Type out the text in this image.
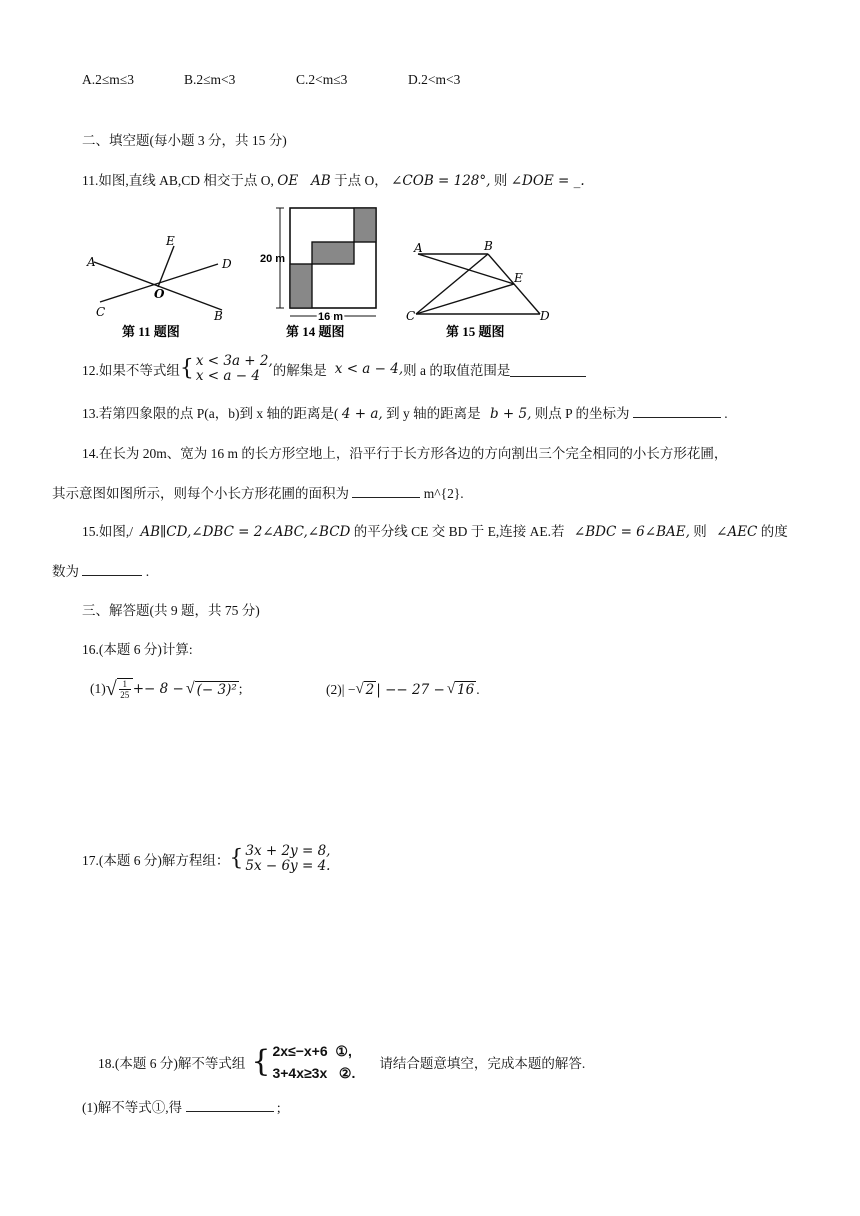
A.2≤m≤3	B.2≤m<3	C.2<m≤3	D.2<m<3
二、填空题(每小题 3 分，共 15 分)
11.如图,直线 AB,CD 相交于点 O, OE   AB 于点 O， ∠COB = 128°, 则 ∠DOE = _.
A
E
D
C
O
B
第 11 题图
20 m
16 m
第 14 题图
A	B
E
C	D
第 15 题图
12.如果不等式组 { x < 3a + 2,
x < a − 4 的解集是 x < a − 4, 则 a 的取值范围是
13.若第四象限的点 P(a，b)到 x 轴的距离是( 4 + a, 到 y 轴的距离是 b + 5, 则点 P 的坐标为	.
14.在长为 20m、宽为 16 m 的长方形空地上，沿平行于长方形各边的方向割出三个完全相同的小长方形花圃，
其示意图如图所示，则每个小长方形花圃的面积为	m^{2}.
15.如图,/ AB∥CD,∠DBC = 2∠ABC,∠BCD 的平分线 CE 交 BD 于 E,连接 AE.若 ∠BDC = 6∠BAE, 则 ∠AEC 的度
数为	.
三、解答题(共 9 题，共 75 分)
16.(本题 6 分)计算:
(1) √ $\frac{1}{25} +- 8$ − √ (− 3)² ;	(2)| − √ 2 | −− 27 − √ 16 .
17.(本题 6 分)解方程组： { 3x + 2y = 8,
5x − 6y = 4.
18.(本题 6 分)解不等式组 { 2x≤−x+6  ①,
3+4x≥3x   ②.
请结合题意填空，完成本题的解答.
(1)解不等式①,得	;
